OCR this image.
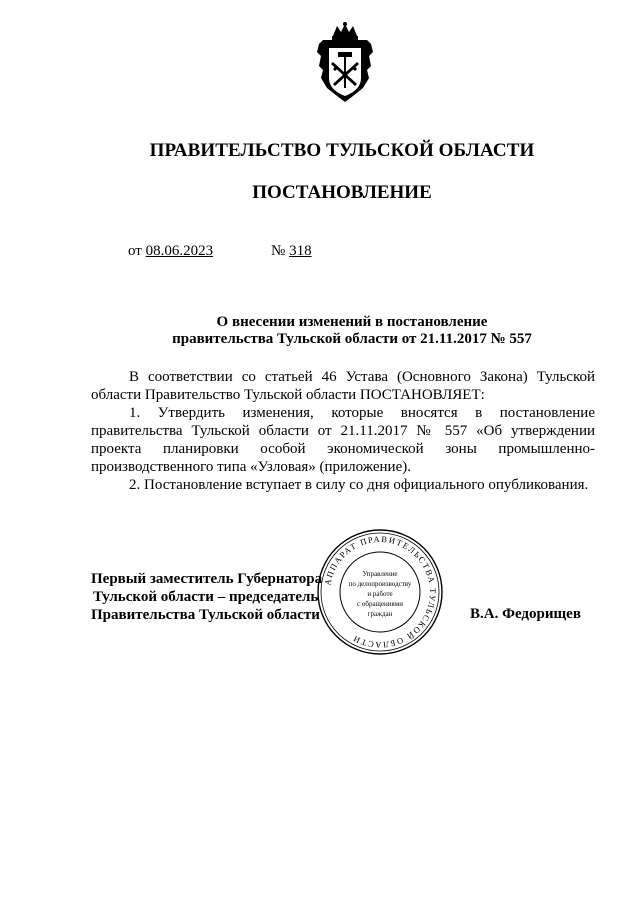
ПРАВИТЕЛЬСТВО ТУЛЬСКОЙ ОБЛАСТИ
ПОСТАНОВЛЕНИЕ
от 08.06.2023	№ 318
О внесении изменений в постановление
правительства Тульской области от 21.11.2017 № 557

В соответствии со статьей 46 Устава (Основного Закона) Тульской области Правительство Тульской области ПОСТАНОВЛЯЕТ:

1. Утвердить изменения, которые вносятся в постановление правительства Тульской области от 21.11.2017 № 557 «Об утверждении проекта планировки особой экономической зоны промышленно-производственного типа «Узловая» (приложение).

2. Постановление вступает в силу со дня официального опубликования.

Первый заместитель Губернатора
Тульской области – председатель
Правительства Тульской области	В.А. Федорищев
АППАРАТ ПРАВИТЕЛЬСТВА ТУЛЬСКОЙ ОБЛАСТИ
Управление
по делопроизводству
и работе
с обращениями
граждан
